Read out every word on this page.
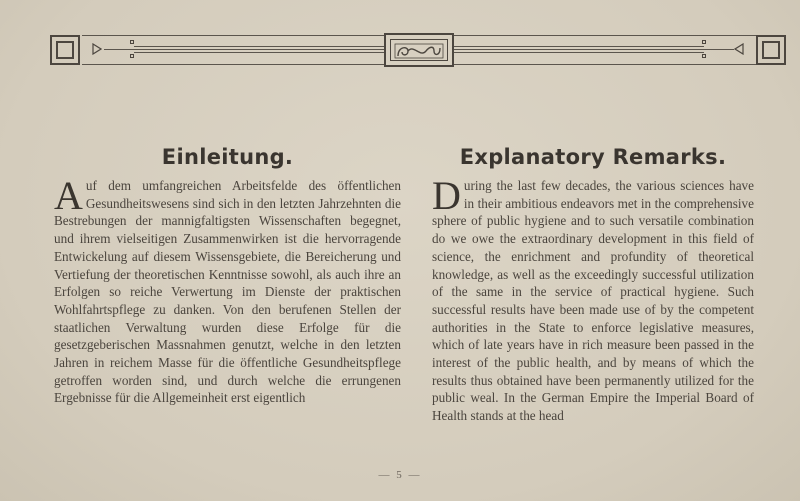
Einleitung.

Auf dem umfangreichen Arbeitsfelde des öffentlichen Gesundheitswesens sind sich in den letzten Jahrzehnten die Bestrebungen der mannigfaltigsten Wissenschaften begegnet, und ihrem vielseitigen Zusammenwirken ist die hervorragende Entwickelung auf diesem Wissensgebiete, die Bereicherung und Vertiefung der theoretischen Kenntnisse sowohl, als auch ihre an Erfolgen so reiche Verwertung im Dienste der praktischen Wohlfahrtspflege zu danken. Von den berufenen Stellen der staatlichen Verwaltung wurden diese Erfolge für die gesetzgeberischen Massnahmen genutzt, welche in den letzten Jahren in reichem Masse für die öffentliche Gesundheitspflege getroffen worden sind, und durch welche die errungenen Ergebnisse für die Allgemeinheit erst eigentlich

Explanatory Remarks.

During the last few decades, the various sciences have in their ambitious endeavors met in the comprehensive sphere of public hygiene and to such versatile combination do we owe the extraordinary development in this field of science, the enrichment and profundity of theoretical knowledge, as well as the exceedingly successful utilization of the same in the service of practical hygiene. Such successful results have been made use of by the competent authorities in the State to enforce legislative measures, which of late years have in rich measure been passed in the interest of the public health, and by means of which the results thus obtained have been permanently utilized for the public weal. In the German Empire the Imperial Board of Health stands at the head

— 5 —
